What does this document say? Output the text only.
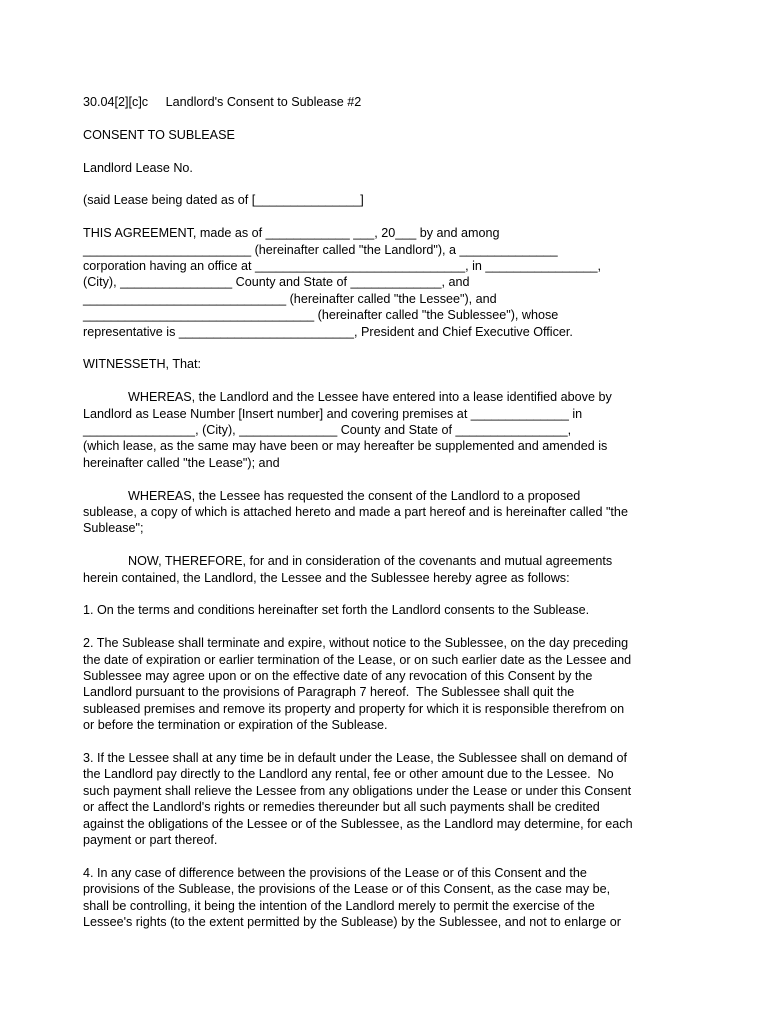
30.04[2][c]c     Landlord's Consent to Sublease #2
CONSENT TO SUBLEASE
Landlord Lease No.
(said Lease being dated as of [_______________]
THIS AGREEMENT, made as of ____________ ___, 20___ by and among
________________________ (hereinafter called "the Landlord"), a ______________
corporation having an office at ______________________________, in ________________,
(City), ________________ County and State of _____________, and
_____________________________ (hereinafter called "the Lessee"), and
_________________________________ (hereinafter called "the Sublessee"), whose
representative is _________________________, President and Chief Executive Officer.
WITNESSETH, That:
WHEREAS, the Landlord and the Lessee have entered into a lease identified above by
Landlord as Lease Number [Insert number] and covering premises at ______________ in
________________, (City), ______________ County and State of ________________,
(which lease, as the same may have been or may hereafter be supplemented and amended is
hereinafter called "the Lease"); and
WHEREAS, the Lessee has requested the consent of the Landlord to a proposed
sublease, a copy of which is attached hereto and made a part hereof and is hereinafter called "the
Sublease";
NOW, THEREFORE, for and in consideration of the covenants and mutual agreements
herein contained, the Landlord, the Lessee and the Sublessee hereby agree as follows:
1. On the terms and conditions hereinafter set forth the Landlord consents to the Sublease.
2. The Sublease shall terminate and expire, without notice to the Sublessee, on the day preceding
the date of expiration or earlier termination of the Lease, or on such earlier date as the Lessee and
Sublessee may agree upon or on the effective date of any revocation of this Consent by the
Landlord pursuant to the provisions of Paragraph 7 hereof.  The Sublessee shall quit the
subleased premises and remove its property and property for which it is responsible therefrom on
or before the termination or expiration of the Sublease.
3. If the Lessee shall at any time be in default under the Lease, the Sublessee shall on demand of
the Landlord pay directly to the Landlord any rental, fee or other amount due to the Lessee.  No
such payment shall relieve the Lessee from any obligations under the Lease or under this Consent
or affect the Landlord's rights or remedies thereunder but all such payments shall be credited
against the obligations of the Lessee or of the Sublessee, as the Landlord may determine, for each
payment or part thereof.
4. In any case of difference between the provisions of the Lease or of this Consent and the
provisions of the Sublease, the provisions of the Lease or of this Consent, as the case may be,
shall be controlling, it being the intention of the Landlord merely to permit the exercise of the
Lessee's rights (to the extent permitted by the Sublease) by the Sublessee, and not to enlarge or
